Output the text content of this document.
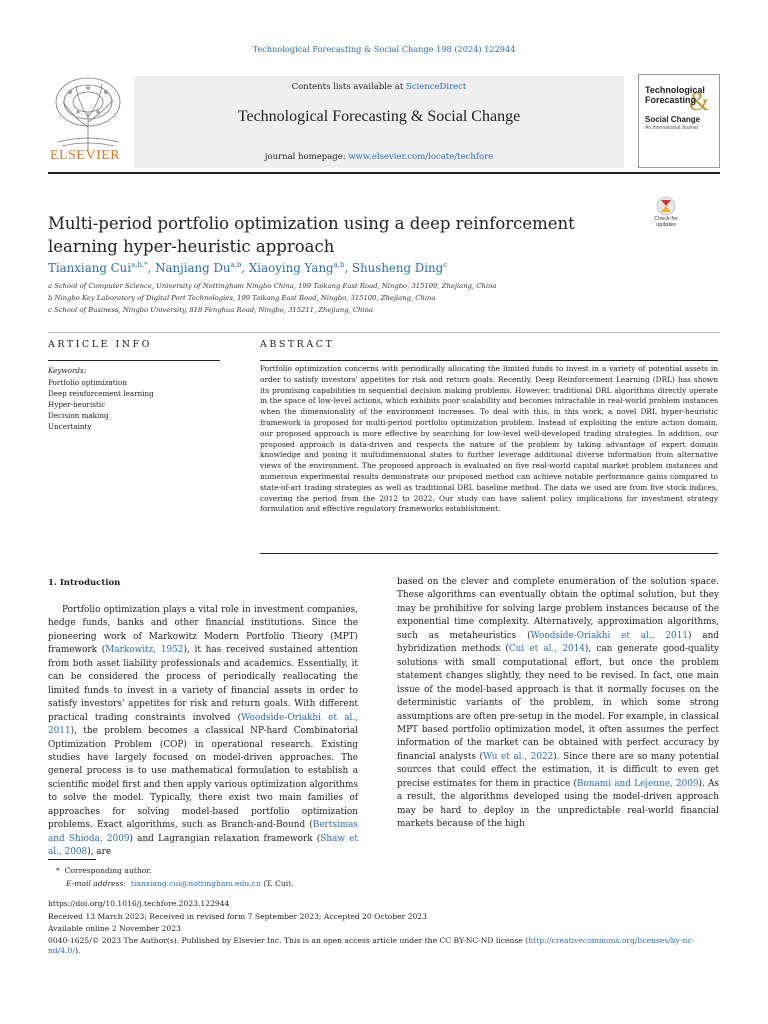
Technological Forecasting & Social Change 198 (2024) 122944
ELSEVIER
Contents lists available at ScienceDirect
Technological Forecasting & Social Change
journal homepage: www.elsevier.com/locate/techfore
&
Technological
Forecasting
Social Change
An International Journal
Multi-period portfolio optimization using a deep reinforcement learning hyper-heuristic approach
Check for updates
Tianxiang Cui$^{a,b,*}$, Nanjiang Du$^{a,b}$, Xiaoying Yang$^{a,b}$, Shusheng Ding$^c$
a School of Computer Science, University of Nottingham Ningbo China, 199 Taikang East Road, Ningbo, 315100, Zhejiang, China
b Ningbo Key Laboratory of Digital Port Technologies, 199 Taikang East Road, Ningbo, 315100, Zhejiang, China
c School of Business, Ningbo University, 818 Fenghua Road, Ningbo, 315211, Zhejiang, China
ARTICLE INFO	ABSTRACT
Keywords:
Portfolio optimization
Deep reinforcement learning
Hyper-heuristic
Decision making
Uncertainty
Portfolio optimization concerns with periodically allocating the limited funds to invest in a variety of potential assets in order to satisfy investors' appetites for risk and return goals. Recently, Deep Reinforcement Learning (DRL) has shown its promising capabilities in sequential decision making problems. However, traditional DRL algorithms directly operate in the space of low-level actions, which exhibits poor scalability and becomes intractable in real-world problem instances when the dimensionality of the environment increases. To deal with this, in this work, a novel DRL hyper-heuristic framework is proposed for multi-period portfolio optimization problem. Instead of exploiting the entire action domain, our proposed approach is more effective by searching for low-level well-developed trading strategies. In addition, our proposed approach is data-driven and respects the nature of the problem by taking advantage of expert domain knowledge and posing it multidimensional states to further leverage additional diverse information from alternative views of the environment. The proposed approach is evaluated on five real-world capital market problem instances and numerous experimental results demonstrate our proposed method can achieve notable performance gains compared to state-of-art trading strategies as well as traditional DRL baseline method. The data we used are from five stock indices, covering the period from the 2012 to 2022. Our study can have salient policy implications for investment strategy formulation and effective regulatory frameworks establishment.
1. Introduction
Portfolio optimization plays a vital role in investment companies, hedge funds, banks and other financial institutions. Since the pioneering work of Markowitz Modern Portfolio Theory (MPT) framework (Markowitz, 1952), it has received sustained attention from both asset liability professionals and academics. Essentially, it can be considered the process of periodically reallocating the limited funds to invest in a variety of financial assets in order to satisfy investors' appetites for risk and return goals. With different practical trading constraints involved (Woodside-Oriakhi et al., 2011), the problem becomes a classical NP-hard Combinatorial Optimization Problem (COP) in operational research. Existing studies have largely focused on model-driven approaches. The general process is to use mathematical formulation to establish a scientific model first and then apply various optimization algorithms to solve the model. Typically, there exist two main families of approaches for solving model-based portfolio optimization problems. Exact algorithms, such as Branch-and-Bound (Bertsimas and Shioda, 2009) and Lagrangian relaxation framework (Shaw et al., 2008), are
based on the clever and complete enumeration of the solution space. These algorithms can eventually obtain the optimal solution, but they may be prohibitive for solving large problem instances because of the exponential time complexity. Alternatively, approximation algorithms, such as metaheuristics (Woodside-Oriakhi et al., 2011) and hybridization methods (Cui et al., 2014), can generate good-quality solutions with small computational effort, but once the problem statement changes slightly, they need to be revised. In fact, one main issue of the model-based approach is that it normally focuses on the deterministic variants of the problem, in which some strong assumptions are often pre-setup in the model. For example, in classical MPT based portfolio optimization model, it often assumes the perfect information of the market can be obtained with perfect accuracy by financial analysts (Wu et al., 2022). Since there are so many potential sources that could effect the estimation, it is difficult to even get precise estimates for them in practice (Bonami and Lejeune, 2009). As a result, the algorithms developed using the model-driven approach may be hard to deploy in the unpredictable real-world financial markets because of the high
* Corresponding author.
E-mail address: tianxiang.cui@nottingham.edu.cn (T. Cui).
https://doi.org/10.1016/j.techfore.2023.122944
Received 13 March 2023; Received in revised form 7 September 2023; Accepted 20 October 2023
Available online 2 November 2023
0040-1625/© 2023 The Author(s). Published by Elsevier Inc. This is an open access article under the CC BY-NC-ND license (http://creativecommons.org/licenses/by-nc-nd/4.0/).
